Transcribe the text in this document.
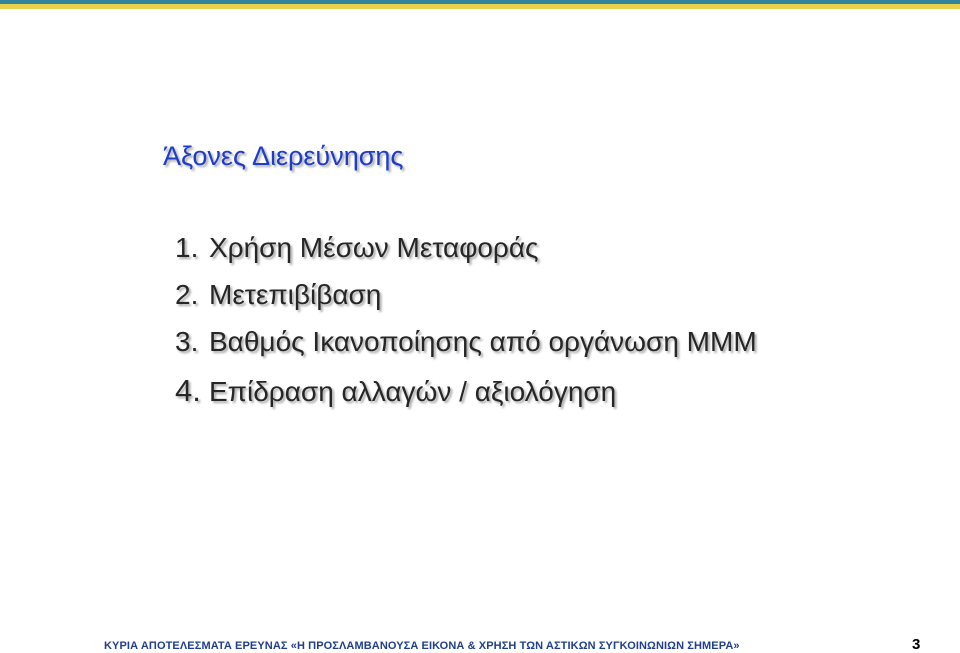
Άξονες Διερεύνησης
1. Χρήση Μέσων Μεταφοράς
2. Μετεπιβίβαση
3. Βαθμός Ικανοποίησης από οργάνωση ΜΜΜ
4. Επίδραση αλλαγών / αξιολόγηση
ΚΥΡΙΑ ΑΠΟΤΕΛΕΣΜΑΤΑ ΕΡΕΥΝΑΣ «Η ΠΡΟΣΛΑΜΒΑΝΟΥΣΑ ΕΙΚΟΝΑ & ΧΡΗΣΗ ΤΩΝ ΑΣΤΙΚΩΝ ΣΥΓΚΟΙΝΩΝΙΩΝ ΣΗΜΕΡΑ»	3
